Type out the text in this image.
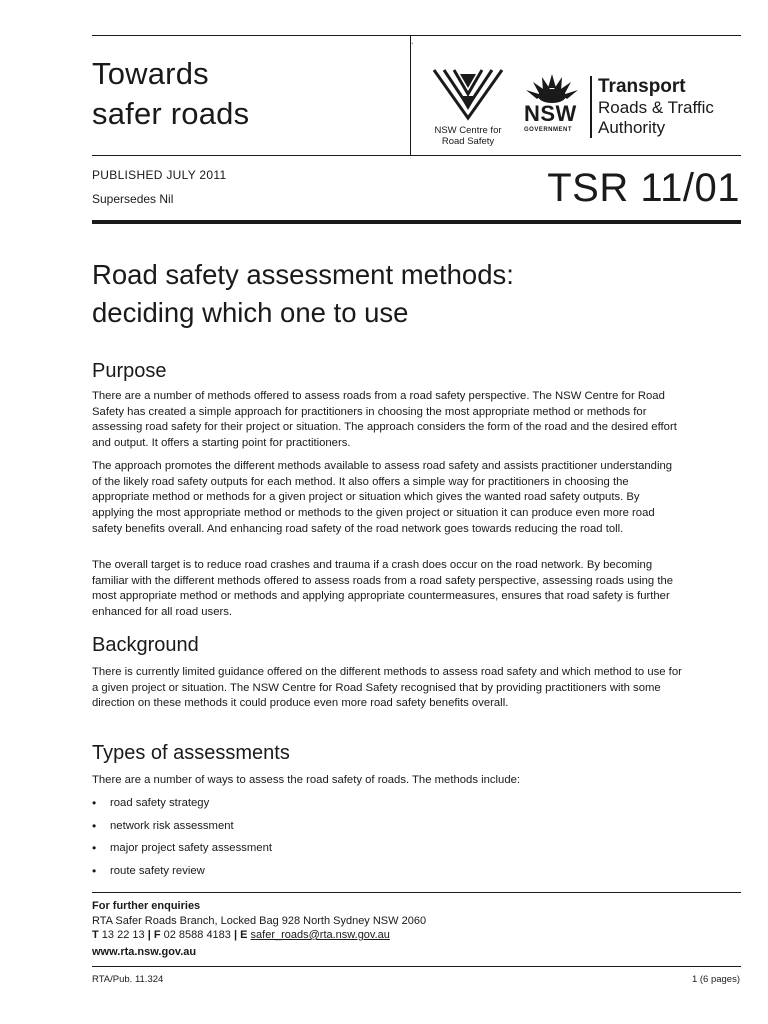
Towards
safer roads
`
NSW Centre for
Road Safety
NSW
GOVERNMENT
Transport
Roads & Traffic
Authority
PUBLISHED JULY 2011
Supersedes Nil	TSR 11/01
Road safety assessment methods:
deciding which one to use
Purpose

There are a number of methods offered to assess roads from a road safety perspective. The NSW Centre for Road Safety has created a simple approach for practitioners in choosing the most appropriate method or methods for assessing road safety for their project or situation. The approach considers the form of the road and the desired effort and output. It offers a starting point for practitioners.

The approach promotes the different methods available to assess road safety and assists practitioner understanding of the likely road safety outputs for each method. It also offers a simple way for practitioners in choosing the appropriate method or methods for a given project or situation which gives the wanted road safety outputs. By applying the most appropriate method or methods to the given project or situation it can produce even more road safety benefits overall. And enhancing road safety of the road network goes towards reducing the road toll.

The overall target is to reduce road crashes and trauma if a crash does occur on the road network. By becoming familiar with the different methods offered to assess roads from a road safety perspective, assessing roads using the most appropriate method or methods and applying appropriate countermeasures, ensures that road safety is further enhanced for all road users.

Background

There is currently limited guidance offered on the different methods to assess road safety and which method to use for a given project or situation. The NSW Centre for Road Safety recognised that by providing practitioners with some direction on these methods it could produce even more road safety benefits overall.

Types of assessments

There are a number of ways to assess the road safety of roads. The methods include:

• road safety strategy
• network risk assessment
• major project safety assessment
• route safety review
For further enquiries
RTA Safer Roads Branch, Locked Bag 928 North Sydney NSW 2060
T 13 22 13 | F 02 8588 4183 | E safer_roads@rta.nsw.gov.au
www.rta.nsw.gov.au
RTA/Pub. 11.324	1 (6 pages)
